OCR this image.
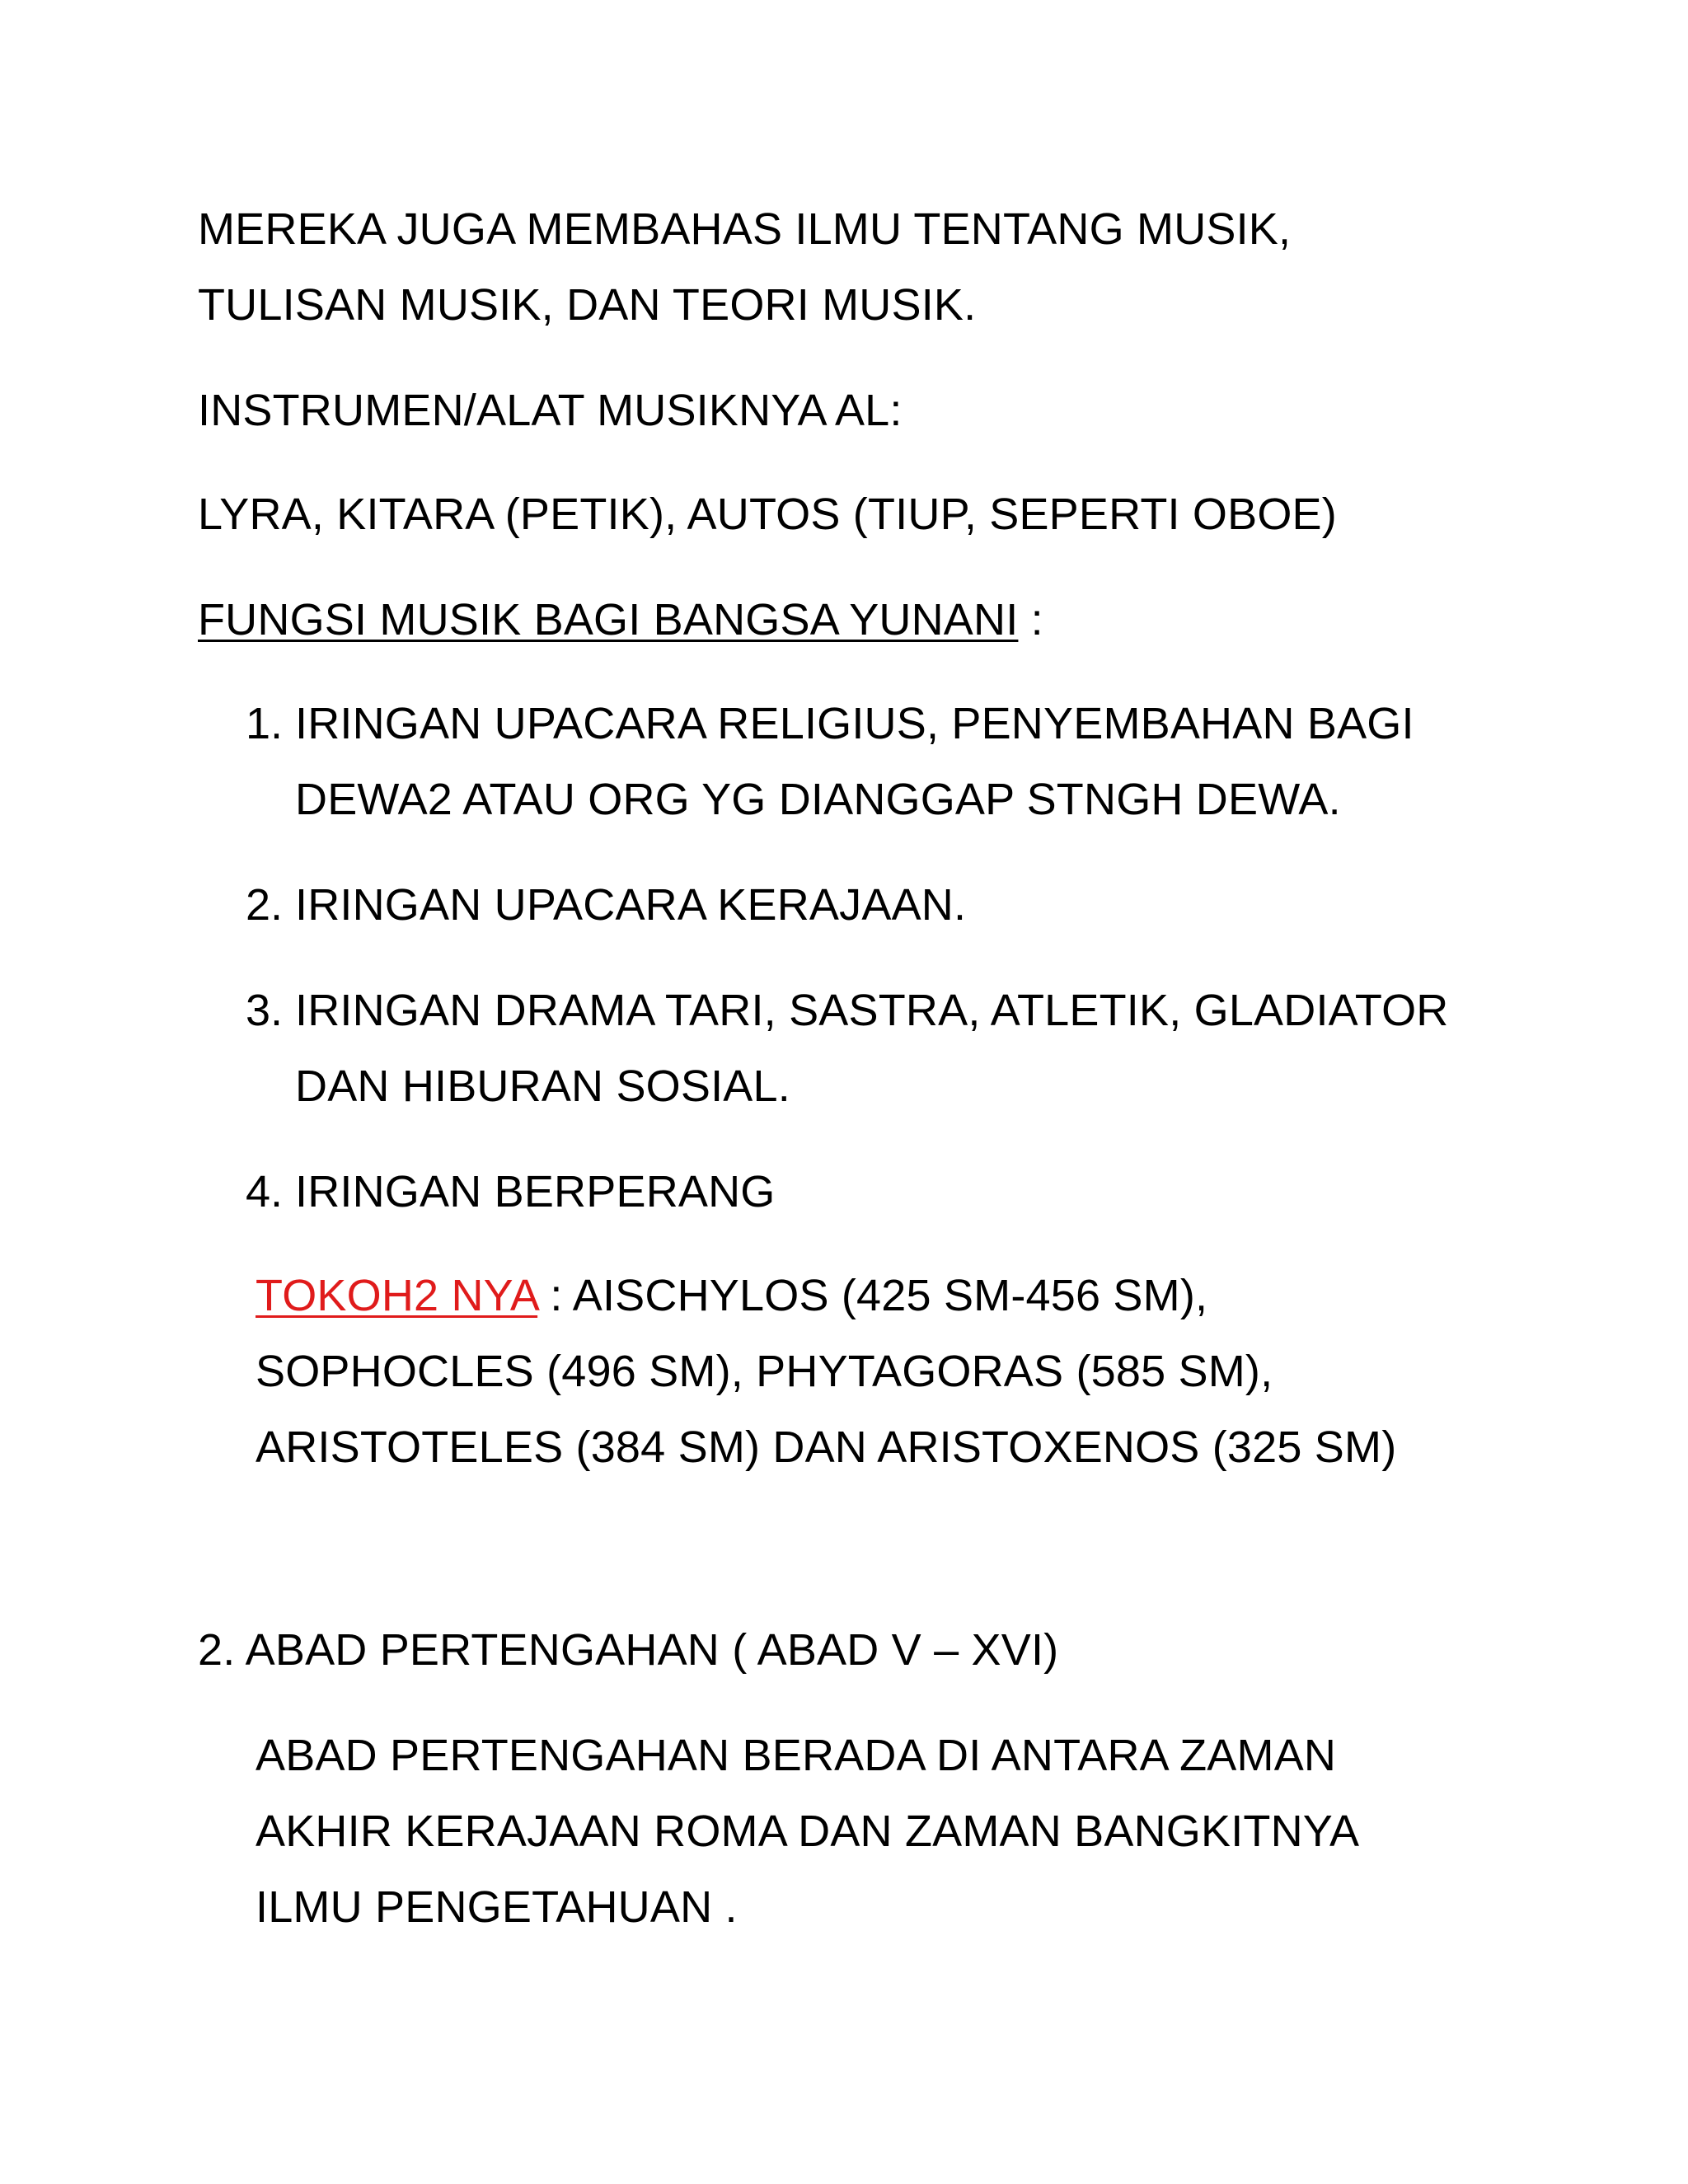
MEREKA JUGA MEMBAHAS ILMU TENTANG MUSIK,
TULISAN MUSIK, DAN TEORI MUSIK.
INSTRUMEN/ALAT MUSIKNYA AL:
LYRA, KITARA (PETIK), AUTOS (TIUP, SEPERTI OBOE)
FUNGSI MUSIK BAGI BANGSA YUNANI :
1. IRINGAN UPACARA RELIGIUS, PENYEMBAHAN BAGI
DEWA2 ATAU ORG YG DIANGGAP STNGH DEWA.
2. IRINGAN UPACARA KERAJAAN.
3. IRINGAN DRAMA TARI, SASTRA, ATLETIK, GLADIATOR
DAN HIBURAN SOSIAL.
4. IRINGAN BERPERANG
TOKOH2 NYA : AISCHYLOS (425 SM-456 SM),
SOPHOCLES (496 SM), PHYTAGORAS (585 SM),
ARISTOTELES (384 SM) DAN ARISTOXENOS (325 SM)
2. ABAD PERTENGAHAN ( ABAD V – XVI)
ABAD PERTENGAHAN BERADA DI ANTARA ZAMAN
AKHIR KERAJAAN ROMA DAN ZAMAN BANGKITNYA
ILMU PENGETAHUAN .
